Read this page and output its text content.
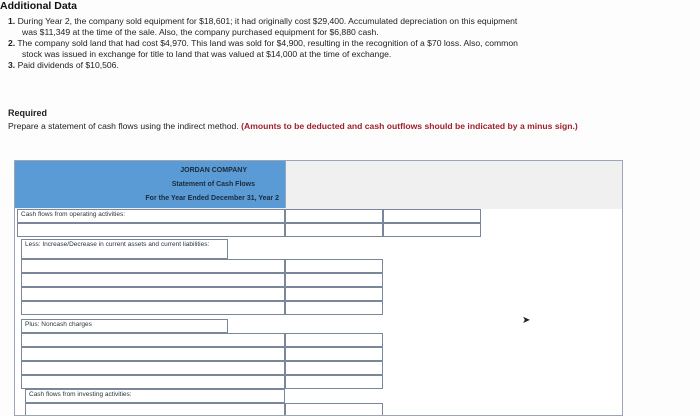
Additional Data
1. During Year 2, the company sold equipment for $18,601; it had originally cost $29,400. Accumulated depreciation on this equipment
was $11,349 at the time of the sale. Also, the company purchased equipment for $6,880 cash.
2. The company sold land that had cost $4,970. This land was sold for $4,900, resulting in the recognition of a $70 loss. Also, common
stock was issued in exchange for title to land that was valued at $14,000 at the time of exchange.
3. Paid dividends of $10,506.
Required
Prepare a statement of cash flows using the indirect method. (Amounts to be deducted and cash outflows should be indicated by a minus sign.)
JORDAN COMPANY
Statement of Cash Flows
For the Year Ended December 31, Year 2
Cash flows from operating activities:
Less: Increase/Decrease in current assets and current liabilities:
Plus: Noncash charges
Cash flows from investing activities:
➤
